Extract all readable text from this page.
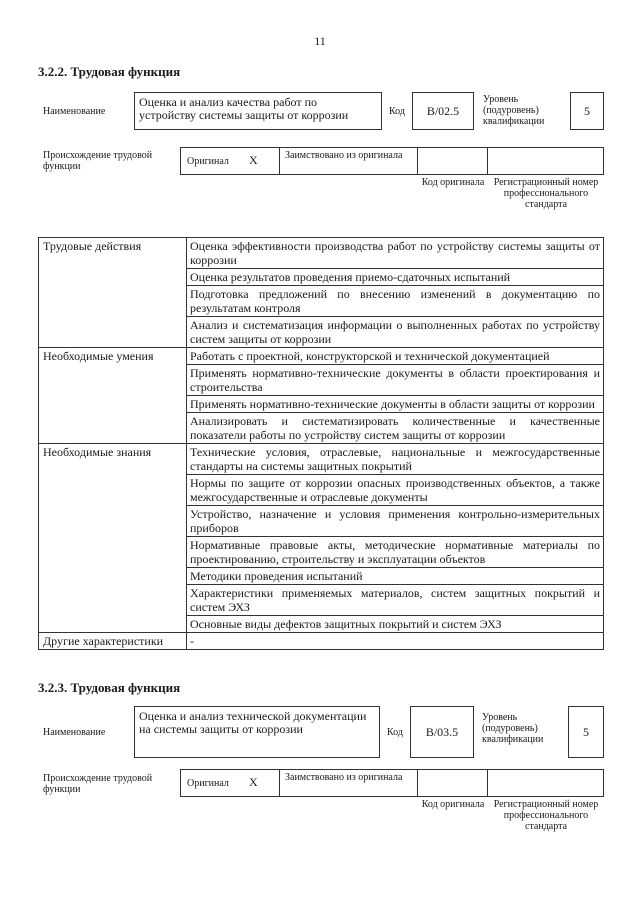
11
3.2.2. Трудовая функция
Наименование
Оценка и анализ качества работ по устройству системы защиты от коррозии	Код	B/02.5
Уровень (подуровень) квалификации
5
Происхождение трудовой функции	Оригинал X	Заимствовано из оригинала
Код оригинала Регистрационный номер профессионального стандарта
Трудовые действия	Оценка эффективности производства работ по устройству системы защиты от коррозии
	Оценка результатов проведения приемо-сдаточных испытаний
	Подготовка предложений по внесению изменений в документацию по результатам контроля
	Анализ и систематизация информации о выполненных работах по устройству систем защиты от коррозии
Необходимые умения	Работать с проектной, конструкторской и технической документацией
	Применять нормативно-технические документы в области проектирования и строительства
	Применять нормативно-технические документы в области защиты от коррозии
	Анализировать и систематизировать количественные и качественные показатели работы по устройству систем защиты от коррозии
Необходимые знания	Технические условия, отраслевые, национальные и межгосударственные стандарты на системы защитных покрытий
	Нормы по защите от коррозии опасных производственных объектов, а также межгосударственные и отраслевые документы
	Устройство, назначение и условия применения контрольно-измерительных приборов
	Нормативные правовые акты, методические нормативные материалы по проектированию, строительству и эксплуатации объектов
	Методики проведения испытаний
	Характеристики применяемых материалов, систем защитных покрытий и систем ЭХЗ
	Основные виды дефектов защитных покрытий и систем ЭХЗ
Другие характеристики	-
3.2.3. Трудовая функция
Наименование
Оценка и анализ технической документации на системы защиты от коррозии	Код	B/03.5
Уровень (подуровень) квалификации
5
Происхождение трудовой функции
Оригинал X	Заимствовано из оригинала
Код оригинала Регистрационный номер профессионального стандарта
